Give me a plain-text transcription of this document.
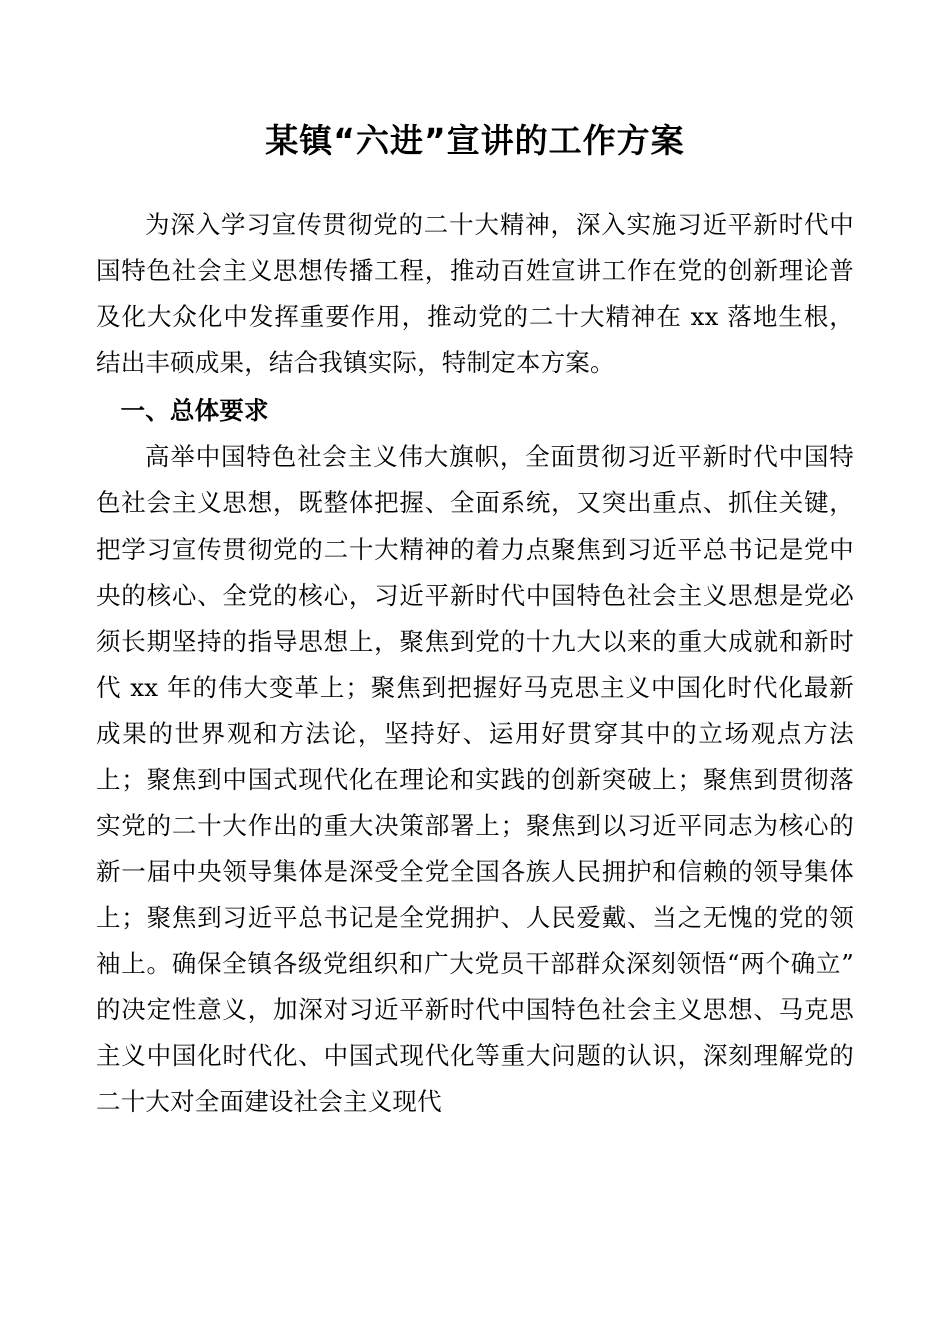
某镇“六进”宣讲的工作方案

为深入学习宣传贯彻党的二十大精神，深入实施习近平新时代中国特色社会主义思想传播工程，推动百姓宣讲工作在党的创新理论普及化大众化中发挥重要作用，推动党的二十大精神在 xx 落地生根，结出丰硕成果，结合我镇实际，特制定本方案。

一、总体要求

高举中国特色社会主义伟大旗帜，全面贯彻习近平新时代中国特色社会主义思想，既整体把握、全面系统，又突出重点、抓住关键，把学习宣传贯彻党的二十大精神的着力点聚焦到习近平总书记是党中央的核心、全党的核心，习近平新时代中国特色社会主义思想是党必须长期坚持的指导思想上，聚焦到党的十九大以来的重大成就和新时代 xx 年的伟大变革上；聚焦到把握好马克思主义中国化时代化最新成果的世界观和方法论，坚持好、运用好贯穿其中的立场观点方法上；聚焦到中国式现代化在理论和实践的创新突破上；聚焦到贯彻落实党的二十大作出的重大决策部署上；聚焦到以习近平同志为核心的新一届中央领导集体是深受全党全国各族人民拥护和信赖的领导集体上；聚焦到习近平总书记是全党拥护、人民爱戴、当之无愧的党的领袖上。确保全镇各级党组织和广大党员干部群众深刻领悟“两个确立”的决定性意义，加深对习近平新时代中国特色社会主义思想、马克思主义中国化时代化、中国式现代化等重大问题的认识，深刻理解党的二十大对全面建设社会主义现代
